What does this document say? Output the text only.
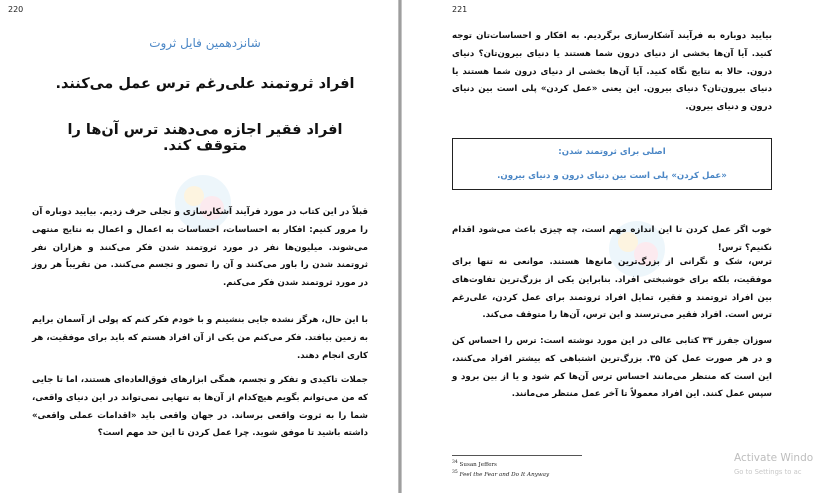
220
شانزدهمین فایل ثروت
افراد ثروتمند علی‌رغم ترس عمل می‌کنند.
افراد فقیر اجازه می‌دهند ترس آن‌ها را متوقف کند.
قبلاً در این کتاب در مورد فرآیند آشکارسازی و تجلی حرف زدیم. بیایید دوباره آن را مرور کنیم: افکار به احساسات، احساسات به اعمال و اعمال به نتایج منتهی می‌شوند. میلیون‌ها نفر در مورد ثروتمند شدن فکر می‌کنند و هزاران نفر ثروتمند شدن را باور می‌کنند و آن را تصور و تجسم می‌کنند. من تقریباً هر روز در مورد ثروتمند شدن فکر می‌کنم.
با این حال، هرگز نشده جایی بنشینم و با خودم فکر کنم که پولی از آسمان برایم به زمین بیافتد. فکر می‌کنم من یکی از آن افراد هستم که باید برای موفقیت، هر کاری انجام دهند.
جملات تاکیدی و تفکر و تجسم، همگی ابزارهای فوق‌العاده‌ای هستند، اما تا جایی که من می‌توانم بگویم هیچ‌کدام از آن‌ها به تنهایی نمی‌تواند در این دنیای واقعی، شما را به ثروت واقعی برساند. در جهان واقعی باید «اقدامات عملی واقعی» داشته باشید تا موفق شوید. چرا عمل کردن تا این حد مهم است؟
221
بیایید دوباره به فرآیند آشکارسازی برگردیم. به افکار و احساسات‌تان توجه کنید. آیا آن‌ها بخشی از دنیای درون شما هستند یا دنیای بیرون‌تان؟ دنیای درون. حالا به نتایج نگاه کنید. آیا آن‌ها بخشی از دنیای درون شما هستند یا دنیای بیرون‌تان؟ دنیای بیرون. این یعنی «عمل کردن» پلی است بین دنیای درون و دنیای بیرون.
اصلی برای ثروتمند شدن:
«عمل کردن» پلی است بین دنیای درون و دنیای بیرون.
خوب اگر عمل کردن تا این اندازه مهم است، چه چیزی باعث می‌شود اقدام نکنیم؟ ترس!
ترس، شک و نگرانی از بزرگ‌ترین مانع‌ها هستند. موانعی نه تنها برای موفقیت، بلکه برای خوشبختی افراد. بنابراین یکی از بزرگ‌ترین تفاوت‌های بین افراد ثروتمند و فقیر، تمایل افراد ثروتمند برای عمل کردن، علی‌رغم ترس است. افراد فقیر می‌ترسند و این ترس، آن‌ها را متوقف می‌کند.
سوزان جفرز ۳۴ کتابی عالی در این مورد نوشته است: ترس را احساس کن و در هر صورت عمل کن ۳۵. بزرگ‌ترین اشتباهی که بیشتر افراد می‌کنند، این است که منتظر می‌مانند احساس ترس آن‌ها کم شود و یا از بین برود و سپس عمل کنند. این افراد معمولاً تا آخر عمل منتظر می‌مانند.
$^{34}$ Susan Jeffers
$^{35}$ Feel the Fear and Do It Anyway
Activate Windo
Go to Settings to ac
